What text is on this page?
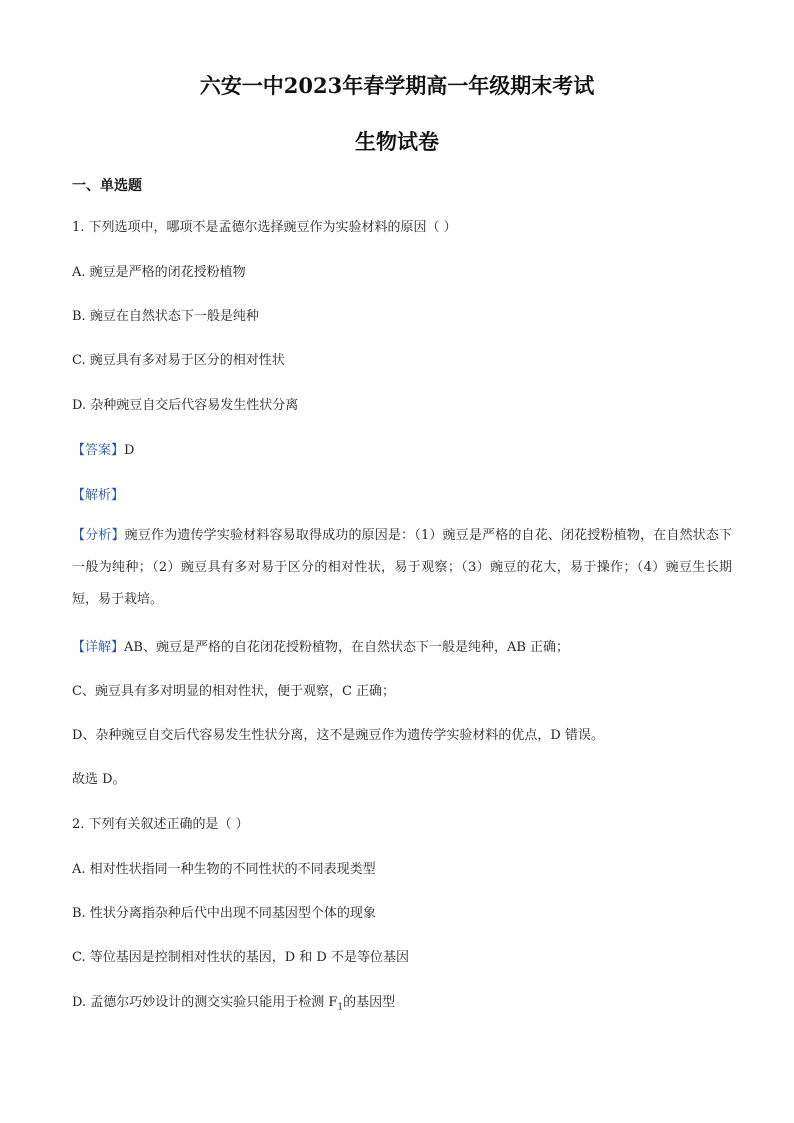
六安一中2023年春学期高一年级期末考试
生物试卷
一、单选题
1. 下列选项中，哪项不是孟德尔选择豌豆作为实验材料的原因（ ）
A. 豌豆是严格的闭花授粉植物
B. 豌豆在自然状态下一般是纯种
C. 豌豆具有多对易于区分的相对性状
D. 杂种豌豆自交后代容易发生性状分离
【答案】D
【解析】
【分析】豌豆作为遗传学实验材料容易取得成功的原因是：（1）豌豆是严格的自花、闭花授粉植物，在自然状态下一般为纯种；（2）豌豆具有多对易于区分的相对性状，易于观察；（3）豌豆的花大，易于操作；（4）豌豆生长期短，易于栽培。
【详解】AB、豌豆是严格的自花闭花授粉植物，在自然状态下一般是纯种，AB 正确；
C、豌豆具有多对明显的相对性状，便于观察，C 正确；
D、杂种豌豆自交后代容易发生性状分离，这不是豌豆作为遗传学实验材料的优点，D 错误。
故选 D。
2. 下列有关叙述正确的是（ ）
A. 相对性状指同一种生物的不同性状的不同表现类型
B. 性状分离指杂种后代中出现不同基因型个体的现象
C. 等位基因是控制相对性状的基因，D 和 D 不是等位基因
D. 孟德尔巧妙设计的测交实验只能用于检测 $F_1$的基因型
